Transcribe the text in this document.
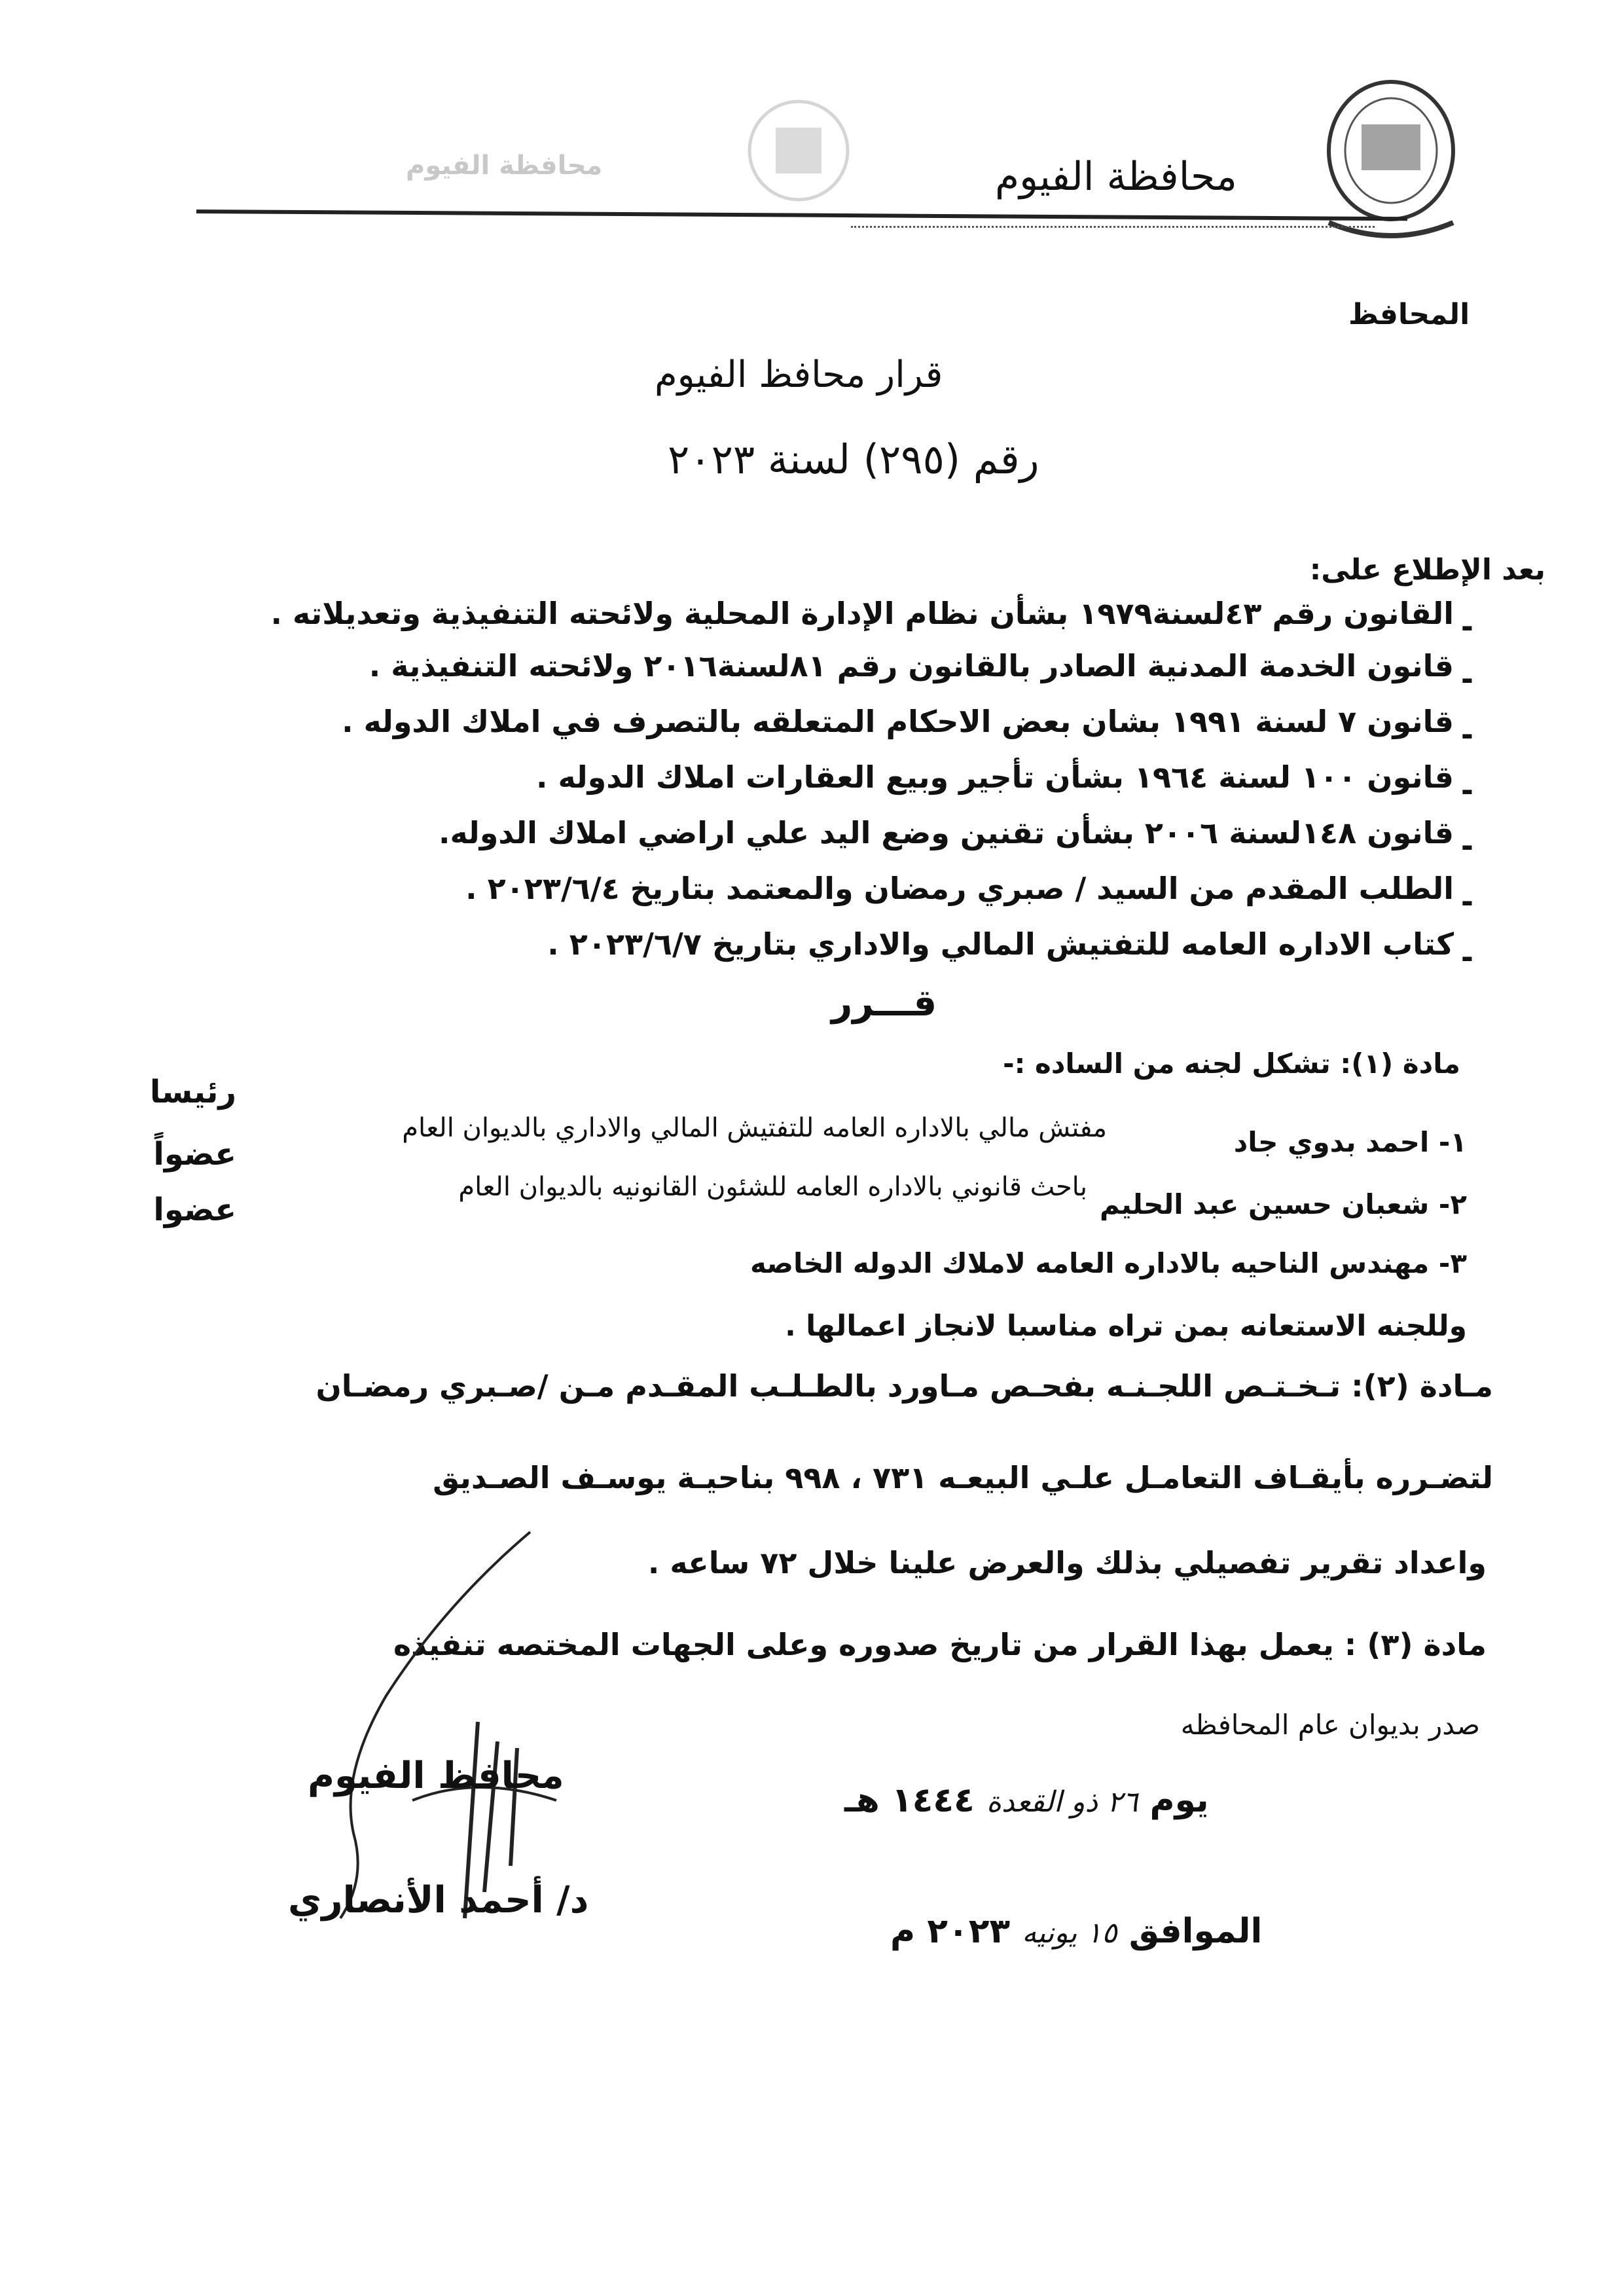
محافظة الفيوم	محافظة الفيوم
المحافظ
قرار محافظ الفيوم
رقم (٢٩٥) لسنة ٢٠٢٣
بعد الإطلاع على:
القانون رقم ٤٣لسنة١٩٧٩ بشأن نظام الإدارة المحلية ولائحته التنفيذية وتعديلاته . -
قانون الخدمة المدنية الصادر بالقانون رقم ٨١لسنة٢٠١٦ ولائحته التنفيذية . -
قانون ٧ لسنة ١٩٩١ بشان بعض الاحكام المتعلقه بالتصرف في املاك الدوله . -
قانون ١٠٠ لسنة ١٩٦٤ بشأن تأجير وبيع العقارات املاك الدوله . -
قانون ١٤٨لسنة ٢٠٠٦ بشأن تقنين وضع اليد علي اراضي املاك الدوله. -
الطلب المقدم من السيد / صبري رمضان والمعتمد بتاريخ ٢٠٢٣/٦/٤ . -
كتاب الاداره العامه للتفتيش المالي والاداري بتاريخ ٢٠٢٣/٦/٧ . -
قـــرر
مادة (١): تشكل لجنه من الساده :-
١- احمد بدوي جاد
مفتش مالي بالاداره العامه للتفتيش المالي والاداري بالديوان العام
رئيسا
٢- شعبان حسين عبد الحليم
باحث قانوني بالاداره العامه للشئون القانونيه بالديوان العام
عضواً
٣- مهندس الناحيه بالاداره العامه لاملاك الدوله الخاصه
عضوا
وللجنه الاستعانه بمن تراه مناسبا لانجاز اعمالها .
مـادة (٢): تـخـتـص اللجـنـه بفحـص مـاورد بالطـلـب المقـدم مـن /صـبري رمضـان
لتضـرره بأيقـاف التعامـل علـي البيعـه ٧٣١ ، ٩٩٨ بناحيـة يوسـف الصـديق
واعداد تقرير تفصيلي بذلك والعرض علينا خلال ٧٢ ساعه .
مادة (٣) : يعمل بهذا القرار من تاريخ صدوره وعلى الجهات المختصه تنفيذه
صدر بديوان عام المحافظه
محافظ الفيوم
د/ أحمد الأنصاري
يوم ٢٦ ذو القعدة ١٤٤٤ هـ
الموافق ١٥ يونيه ٢٠٢٣ م
